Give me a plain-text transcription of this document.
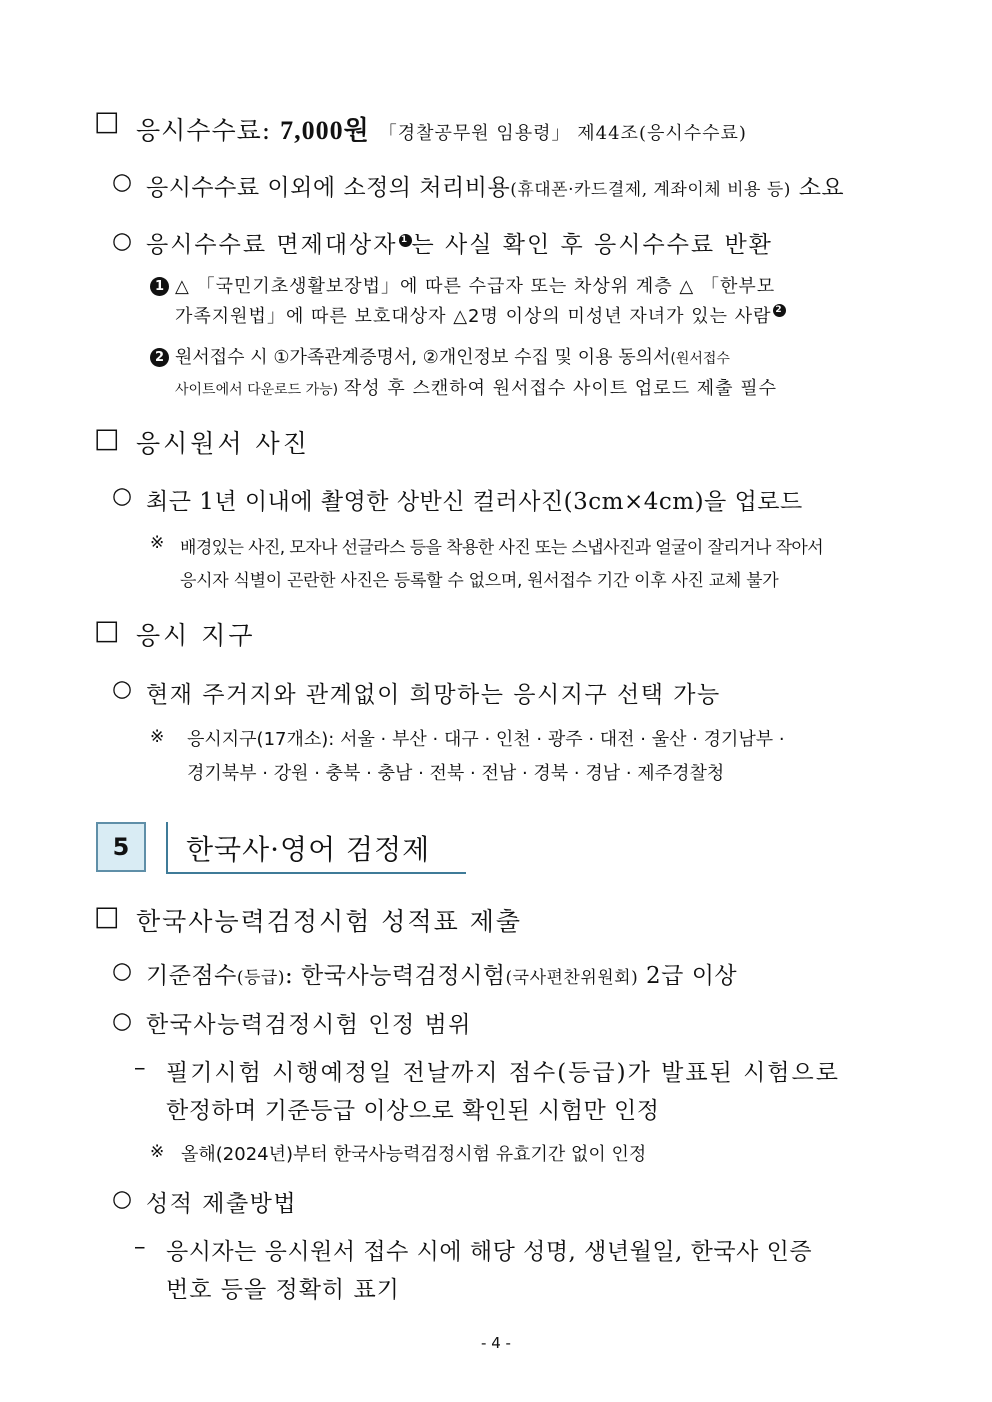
□ 응시수수료: 7,000원 「경찰공무원 임용령」 제44조(응시수수료)
○ 응시수수료 이외에 소정의 처리비용(휴대폰·카드결제, 계좌이체 비용 등) 소요
○ 응시수수료 면제대상자 1 는 사실 확인 후 응시수수료 반환
1 △ 「국민기초생활보장법」에 따른 수급자 또는 차상위 계층 △ 「한부모
가족지원법」에 따른 보호대상자 △2명 이상의 미성년 자녀가 있는 사람 2
2 원서접수 시 ①가족관계증명서, ②개인정보 수집 및 이용 동의서(원서접수
사이트에서 다운로드 가능) 작성 후 스캔하여 원서접수 사이트 업로드 제출 필수
□ 응시원서 사진
○ 최근 1년 이내에 촬영한 상반신 컬러사진(3cm×4cm)을 업로드
※ 배경있는 사진, 모자나 선글라스 등을 착용한 사진 또는 스냅사진과 얼굴이 잘리거나 작아서
응시자 식별이 곤란한 사진은 등록할 수 없으며, 원서접수 기간 이후 사진 교체 불가
□ 응시 지구
○ 현재 주거지와 관계없이 희망하는 응시지구 선택 가능
※ 응시지구(17개소): 서울 · 부산 · 대구 · 인천 · 광주 · 대전 · 울산 · 경기남부 ·
경기북부 · 강원 · 충북 · 충남 · 전북 · 전남 · 경북 · 경남 · 제주경찰청
5	한국사·영어 검정제
□ 한국사능력검정시험 성적표 제출
○ 기준점수(등급): 한국사능력검정시험(국사편찬위원회) 2급 이상
○ 한국사능력검정시험 인정 범위
– 필기시험 시행예정일 전날까지 점수(등급)가 발표된 시험으로
한정하며 기준등급 이상으로 확인된 시험만 인정
※ 올해(2024년)부터 한국사능력검정시험 유효기간 없이 인정
○ 성적 제출방법
– 응시자는 응시원서 접수 시에 해당 성명, 생년월일, 한국사 인증
번호 등을 정확히 표기
- 4 -
